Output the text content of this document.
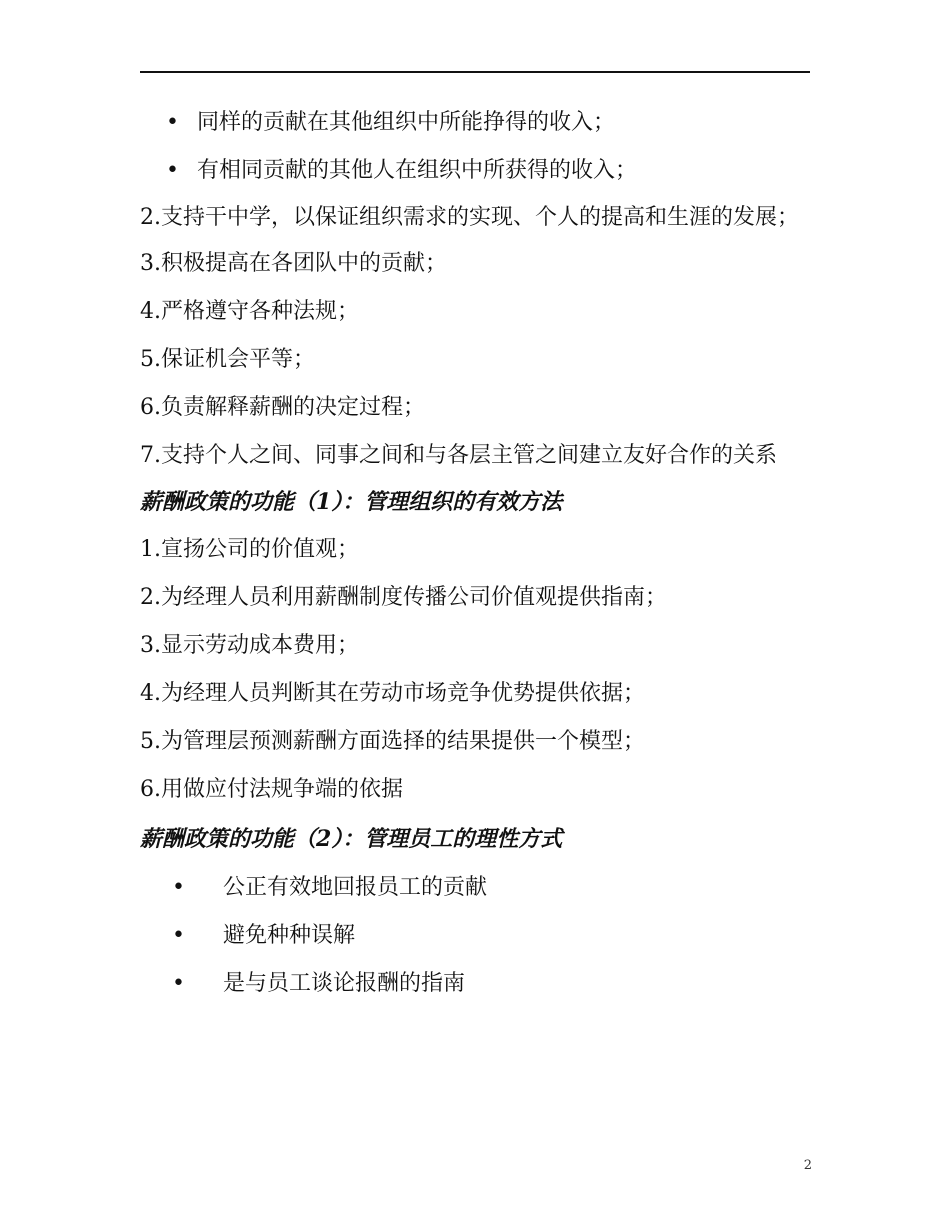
• 同样的贡献在其他组织中所能挣得的收入；
• 有相同贡献的其他人在组织中所获得的收入；

2.支持干中学，以保证组织需求的实现、个人的提高和生涯的发展；

3.积极提高在各团队中的贡献；

4.严格遵守各种法规；

5.保证机会平等；

6.负责解释薪酬的决定过程；

7.支持个人之间、同事之间和与各层主管之间建立友好合作的关系

薪酬政策的功能（1）：管理组织的有效方法

1.宣扬公司的价值观；

2.为经理人员利用薪酬制度传播公司价值观提供指南；

3.显示劳动成本费用；

4.为经理人员判断其在劳动市场竞争优势提供依据；

5.为管理层预测薪酬方面选择的结果提供一个模型；

6.用做应付法规争端的依据

薪酬政策的功能（2）：管理员工的理性方式
• 公正有效地回报员工的贡献
• 避免种种误解
• 是与员工谈论报酬的指南
2
